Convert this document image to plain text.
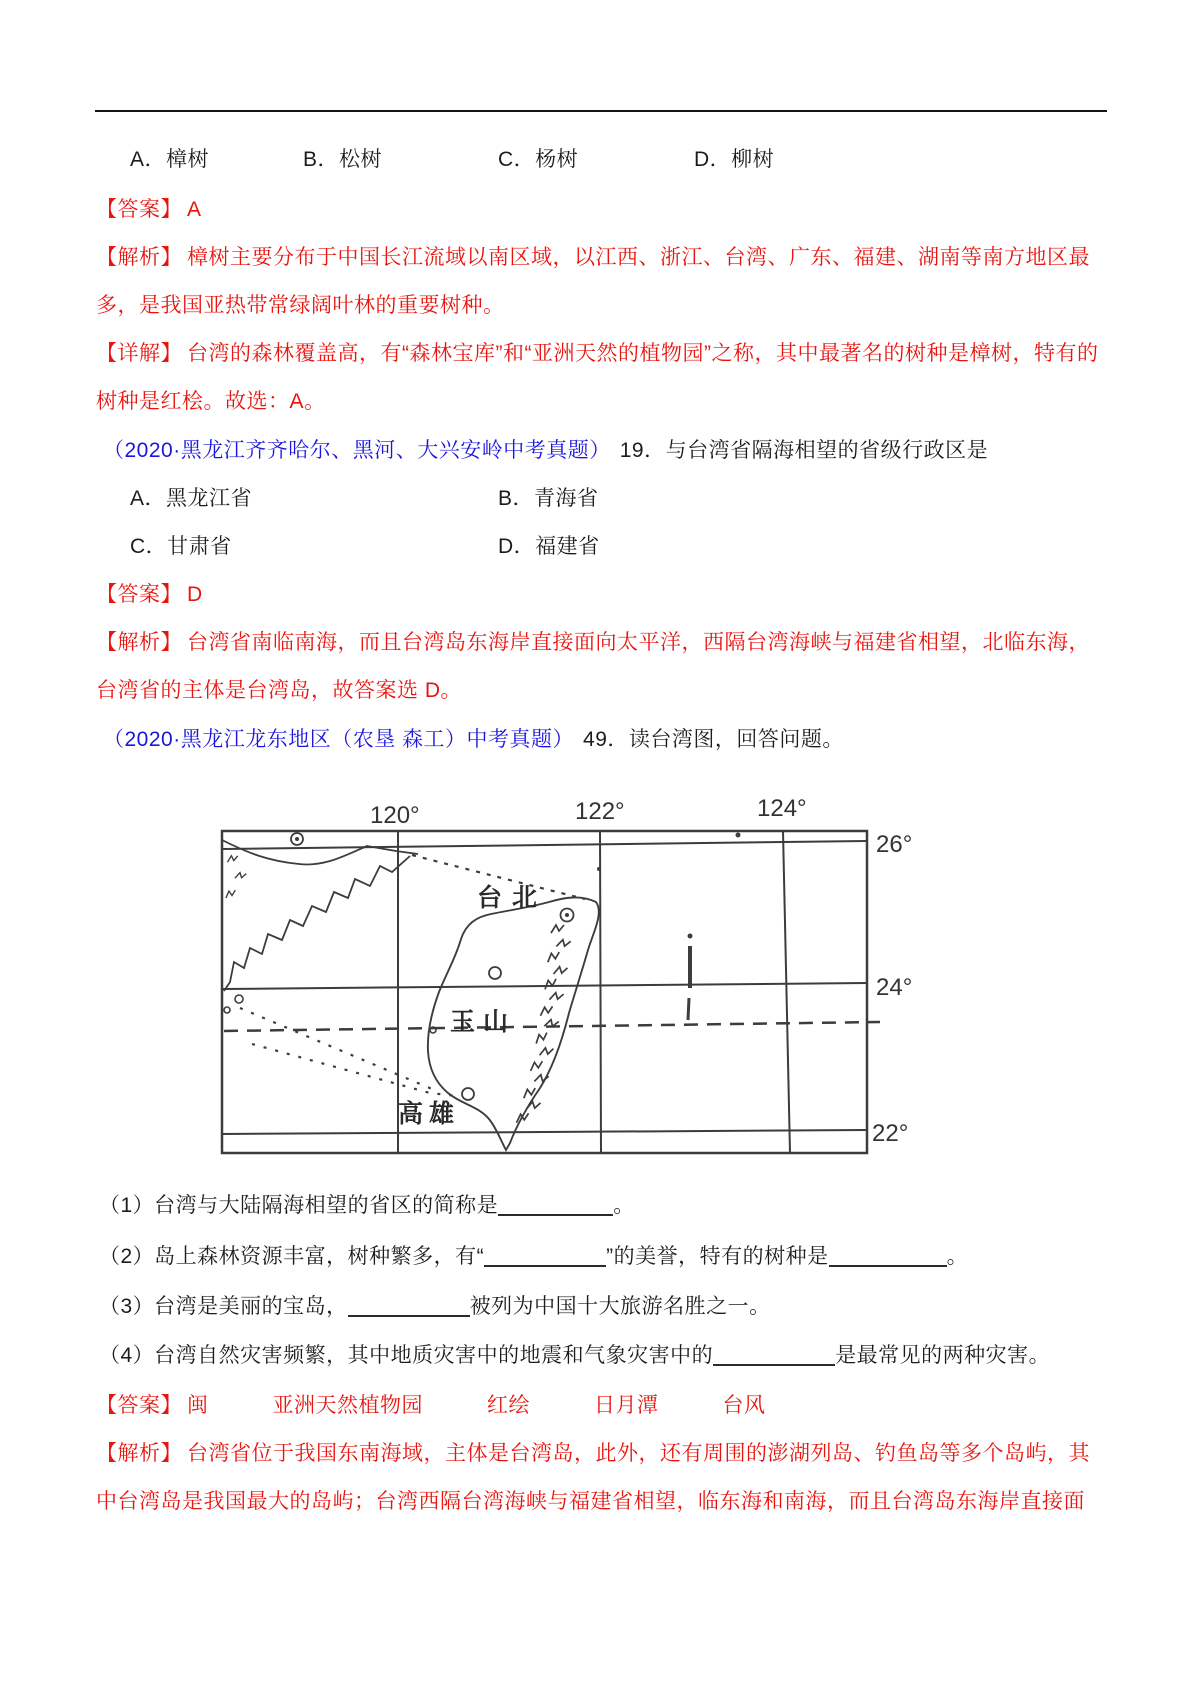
A．樟树	B．松树	C．杨树	D．柳树
【答案】 A
【解析】 樟树主要分布于中国长江流域以南区域，以江西、浙江、台湾、广东、福建、湖南等南方地区最
多，是我国亚热带常绿阔叶林的重要树种。
【详解】 台湾的森林覆盖高，有“森林宝库”和“亚洲天然的植物园”之称，其中最著名的树种是樟树，特有的
树种是红桧。故选：A。
（2020·黑龙江齐齐哈尔、黑河、大兴安岭中考真题） 19．与台湾省隔海相望的省级行政区是
A．黑龙江省	B．青海省
C．甘肃省	D．福建省
【答案】 D
【解析】 台湾省南临南海，而且台湾岛东海岸直接面向太平洋，西隔台湾海峡与福建省相望，北临东海，
台湾省的主体是台湾岛，故答案选 D。
（2020·黑龙江龙东地区（农垦 森工）中考真题） 49．读台湾图，回答问题。
120°	122°	124°
26°
24°
22°
台北
玉山
高雄
（1）台湾与大陆隔海相望的省区的简称是	。
（2）岛上森林资源丰富，树种繁多，有“	”的美誉，特有的树种是	。
（3）台湾是美丽的宝岛，	被列为中国十大旅游名胜之一。
（4）台湾自然灾害频繁，其中地质灾害中的地震和气象灾害中的	是最常见的两种灾害。
【答案】 闽	亚洲天然植物园	红绘	日月潭	台风
【解析】 台湾省位于我国东南海域，主体是台湾岛，此外，还有周围的澎湖列岛、钓鱼岛等多个岛屿，其
中台湾岛是我国最大的岛屿；台湾西隔台湾海峡与福建省相望，临东海和南海，而且台湾岛东海岸直接面
